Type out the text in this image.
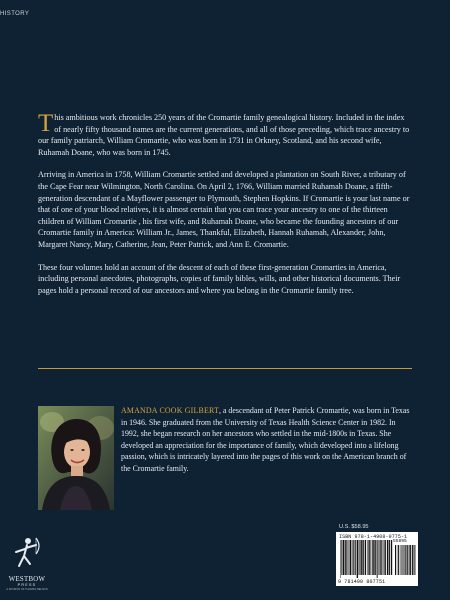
HISTORY

This ambitious work chronicles 250 years of the Cromartie family genealogical history. Included in the index of nearly fifty thousand names are the current generations, and all of those preceding, which trace ancestry to our family patriarch, William Cromartie, who was born in 1731 in Orkney, Scotland, and his second wife, Ruhamah Doane, who was born in 1745.

Arriving in America in 1758, William Cromartie settled and developed a plantation on South River, a tributary of the Cape Fear near Wilmington, North Carolina. On April 2, 1766, William married Ruhamah Doane, a fifth-generation descendant of a Mayflower passenger to Plymouth, Stephen Hopkins. If Cromartie is your last name or that of one of your blood relatives, it is almost certain that you can trace your ancestry to one of the thirteen children of William Cromartie , his first wife, and Ruhamah Doane, who became the founding ancestors of our Cromartie family in America: William Jr., James, Thankful, Elizabeth, Hannah Ruhamah, Alexander, John, Margaret Nancy, Mary, Catherine, Jean, Peter Patrick, and Ann E. Cromartie.

These four volumes hold an account of the descent of each of these first-generation Cromarties in America, including personal anecdotes, photographs, copies of family bibles, wills, and other historical documents. Their pages hold a personal record of our ancestors and where you belong in the Cromartie family tree.

AMANDA COOK GILBERT, a descendant of Peter Patrick Cromartie, was born in Texas in 1946. She graduated from the University of Texas Health Science Center in 1982. In 1992, she began research on her ancestors who settled in the mid-1800s in Texas. She developed an appreciation for the importance of family, which developed into a lifelong passion, which is intricately layered into the pages of this work on the American branch of the Cromartie family.
U.S. $58.95
ISBN 978-1-4908-0775-1
55895
9 781490 807751
WESTBOW
PRESS
A DIVISION OF THOMAS NELSON
